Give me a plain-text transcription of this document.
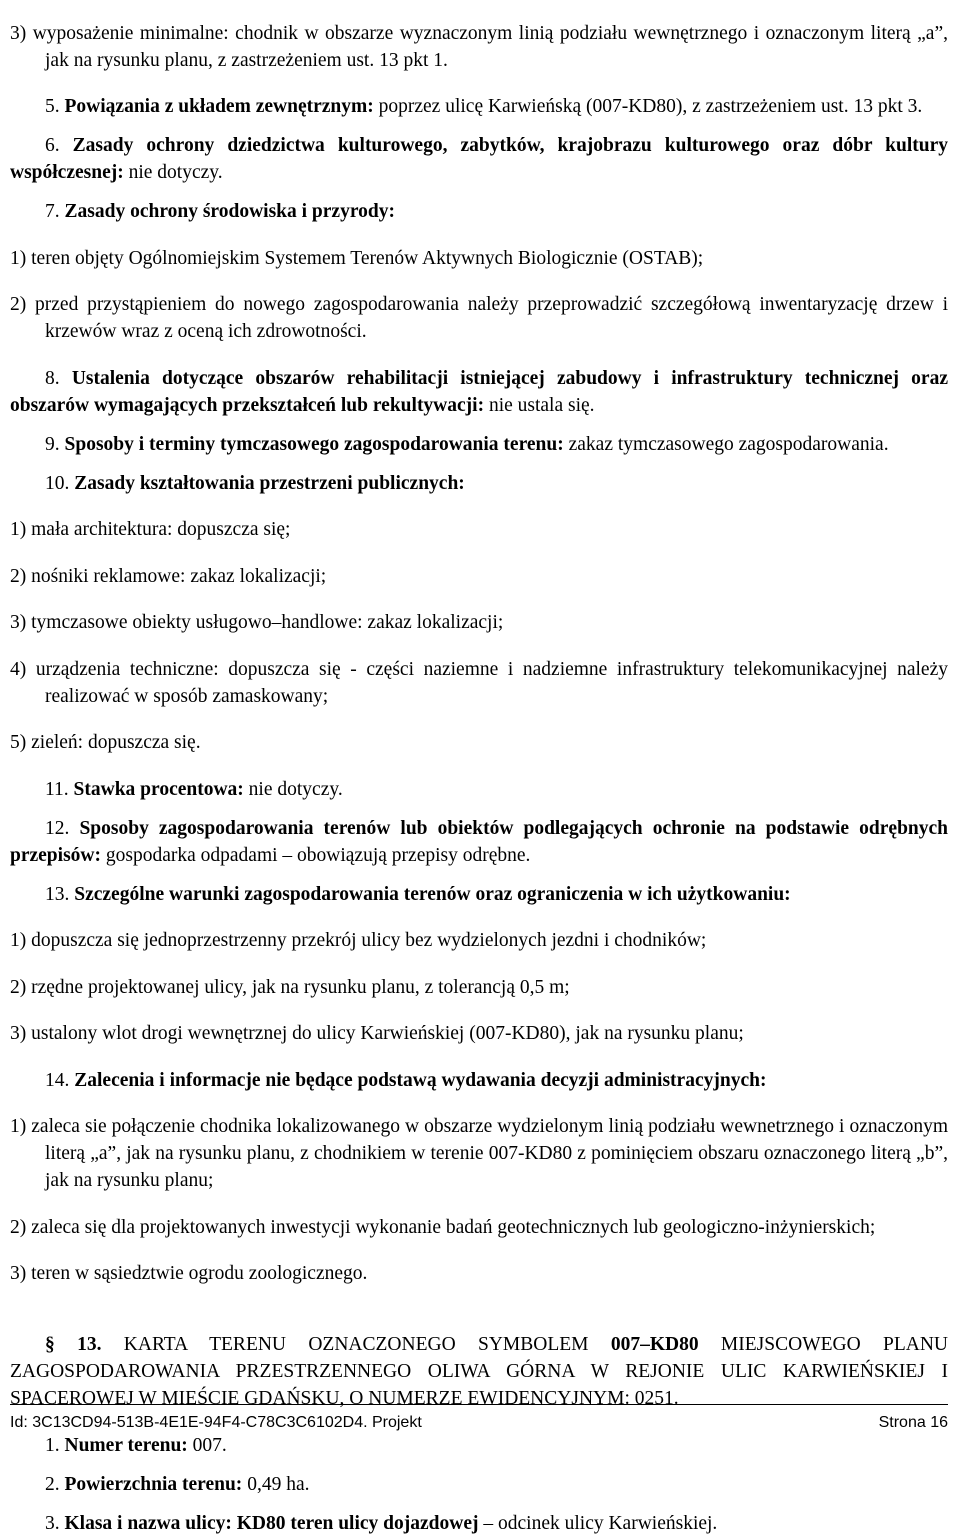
3) wyposażenie minimalne: chodnik w obszarze wyznaczonym linią podziału wewnętrznego i oznaczonym literą „a”, jak na rysunku planu, z zastrzeżeniem ust. 13 pkt 1.

5. Powiązania z układem zewnętrznym: poprzez ulicę Karwieńską (007-KD80), z zastrzeżeniem ust. 13 pkt 3.

6. Zasady ochrony dziedzictwa kulturowego, zabytków, krajobrazu kulturowego oraz dóbr kultury współczesnej: nie dotyczy.

7. Zasady ochrony środowiska i przyrody:

1) teren objęty Ogólnomiejskim Systemem Terenów Aktywnych Biologicznie (OSTAB);

2) przed przystąpieniem do nowego zagospodarowania należy przeprowadzić szczegółową inwentaryzację drzew i krzewów wraz z oceną ich zdrowotności.

8. Ustalenia dotyczące obszarów rehabilitacji istniejącej zabudowy i infrastruktury technicznej oraz obszarów wymagających przekształceń lub rekultywacji: nie ustala się.

9. Sposoby i terminy tymczasowego zagospodarowania terenu: zakaz tymczasowego zagospodarowania.

10. Zasady kształtowania przestrzeni publicznych:

1) mała architektura: dopuszcza się;

2) nośniki reklamowe: zakaz lokalizacji;

3) tymczasowe obiekty usługowo–handlowe: zakaz lokalizacji;

4) urządzenia techniczne: dopuszcza się - części naziemne i nadziemne infrastruktury telekomunikacyjnej należy realizować w sposób zamaskowany;

5) zieleń: dopuszcza się.

11. Stawka procentowa: nie dotyczy.

12. Sposoby zagospodarowania terenów lub obiektów podlegających ochronie na podstawie odrębnych przepisów: gospodarka odpadami – obowiązują przepisy odrębne.

13. Szczególne warunki zagospodarowania terenów oraz ograniczenia w ich użytkowaniu:

1) dopuszcza się jednoprzestrzenny przekrój ulicy bez wydzielonych jezdni i chodników;

2) rzędne projektowanej ulicy, jak na rysunku planu, z tolerancją 0,5 m;

3) ustalony wlot drogi wewnętrznej do ulicy Karwieńskiej (007-KD80), jak na rysunku planu;

14. Zalecenia i informacje nie będące podstawą wydawania decyzji administracyjnych:

1) zaleca sie połączenie chodnika lokalizowanego w obszarze wydzielonym linią podziału wewnetrznego i oznaczonym literą „a”, jak na rysunku planu, z chodnikiem w terenie 007-KD80 z pominięciem obszaru oznaczonego literą „b”, jak na rysunku planu;

2) zaleca się dla projektowanych inwestycji wykonanie badań geotechnicznych lub geologiczno-inżynierskich;

3) teren w sąsiedztwie ogrodu zoologicznego.

§ 13. KARTA TERENU OZNACZONEGO SYMBOLEM 007–KD80 MIEJSCOWEGO PLANU ZAGOSPODAROWANIA PRZESTRZENNEGO OLIWA GÓRNA W REJONIE ULIC KARWIEŃSKIEJ I SPACEROWEJ W MIEŚCIE GDAŃSKU, O NUMERZE EWIDENCYJNYM: 0251.

1. Numer terenu: 007.

2. Powierzchnia terenu: 0,49 ha.

3. Klasa i nazwa ulicy: KD80 teren ulicy dojazdowej – odcinek ulicy Karwieńskiej.

Id: 3C13CD94-513B-4E1E-94F4-C78C3C6102D4. Projekt	Strona 16
